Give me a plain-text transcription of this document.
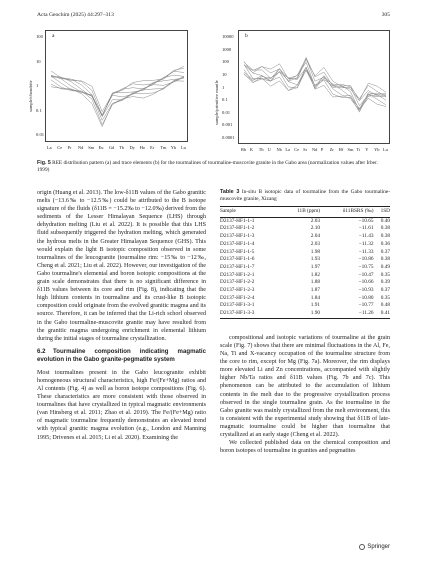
Acta Geochim (2025) 44:297–313	305
a
sample/chondrite
100
10
1
0.1
0.01
La Ce Pr Nd Sm Eu Gd Tb Dy Ho Er Tm Yb Lu
b
sample/primitive mantle
10000
1000
100
10
1
0.1
0.01
0.001
0.0001
Rb K Th U Nb La Ce Sr Nd P Zr Hf Sm Ti Y Yb Lu
Fig. 5 REE distribution pattern (a) and trace elements (b) for the tourmalines of tourmaline-muscovite granite in the Gabo area (normalization values after Irber. 1999)

origin (Huang et al. 2013). The low-δ11B values of the Gabo granitic melts (−13.6‰ to −12.5‰) could be attributed to the B isotope signature of the fluids (δ11B = −15.2‰ to −12.0‰) derived from the sediments of the Lesser Himalayan Sequence (LHS) through dehydration melting (Liu et al. 2022). It is possible that this LHS fluid subsequently triggered the hydration melting, which generated the hydrous melts in the Greater Himalayan Sequence (GHS). This would explain the light B isotopic composition observed in some tourmalines of the leucogranite (tourmaline rim: −15‰ to −12‰, Cheng et al. 2021; Liu et al. 2022). However, our investigation of the Gabo tourmaline's elemental and boron isotopic compositions at the grain scale demonstrates that there is no significant difference in δ11B values between its core and rim (Fig. 8), indicating that the high lithium contents in tourmaline and its crust-like B isotopic composition could originate from the evolved granitic magma and its source. Therefore, it can be inferred that the Li-rich schorl observed in the Gabo tourmaline-muscovite granite may have resulted from the granitic magma undergoing enrichment in elemental lithium during the initial stages of tourmaline crystallization.

6.2 Tourmaline composition indicating magmatic evolution in the Gabo granite-pegmatite system

Most tourmalines present in the Gabo leucogranite exhibit homogeneous structural characteristics, high Fe/(Fe+Mg) ratios and Al contents (Fig. 4) as well as boron isotope compositions (Fig. 6). These characteristics are more consistent with those observed in tourmalines that have crystallized in typical magmatic environments (van Hinsberg et al. 2011; Zhao et al. 2019). The Fe/(Fe+Mg) ratio of magmatic tourmaline frequently demonstrates an elevated trend with typical granitic magma evolution (e.g., London and Manning 1995; Drivenes et al. 2015; Li et al. 2020). Examining the

Table 3 In-situ B isotopic data of tourmaline from the Gabo tourmaline-muscovite granite, Xizang
Sample	11B (ppm)	δ11BSRS (‰)	1SD
D2137-HF1-1-1	2.03	−10.65	0.40
D2137-HF1-1-2	2.10	−11.61	0.38
D2137-HF1-1-3	2.04	−11.43	0.38
D2137-HF1-1-4	2.03	−11.32	0.36
D2137-HF1-1-5	1.98	−11.33	0.37
D2137-HF1-1-6	1.93	−10.86	0.38
D2137-HF1-1-7	1.97	−10.75	0.49
D2137-HF1-2-1	1.82	−10.47	0.35
D2137-HF1-2-2	1.88	−10.66	0.39
D2137-HF1-2-3	1.87	−10.93	0.37
D2137-HF1-2-4	1.84	−10.80	0.35
D2137-HF1-3-1	1.91	−10.77	0.48
D2137-HF1-3-3	1.90	−11.26	0.41

compositional and isotopic variations of tourmaline at the grain scale (Fig. 7) shows that there are minimal fluctuations in the Al, Fe, Na, Ti and X-vacancy occupation of the tourmaline structure from the core to rim, except for Mg (Fig. 7a). Moreover, the rim displays more elevated Li and Zn concentrations, accompanied with slightly higher Nb/Ta ratios and δ11B values (Fig. 7b and 7c). This phenomenon can be attributed to the accumulation of lithium contents in the melt due to the progressive crystallization process observed in the single tourmaline grain. As the tourmaline in the Gabo granite was mainly crystallized from the melt environment, this is consistent with the experimental study showing that δ11B of late-magmatic tourmaline could be higher than tourmaline that crystallized at an early stage (Cheng et al. 2022).

We collected published data on the chemical composition and boron isotopes of tourmaline in granites and pegmatites

Springer
